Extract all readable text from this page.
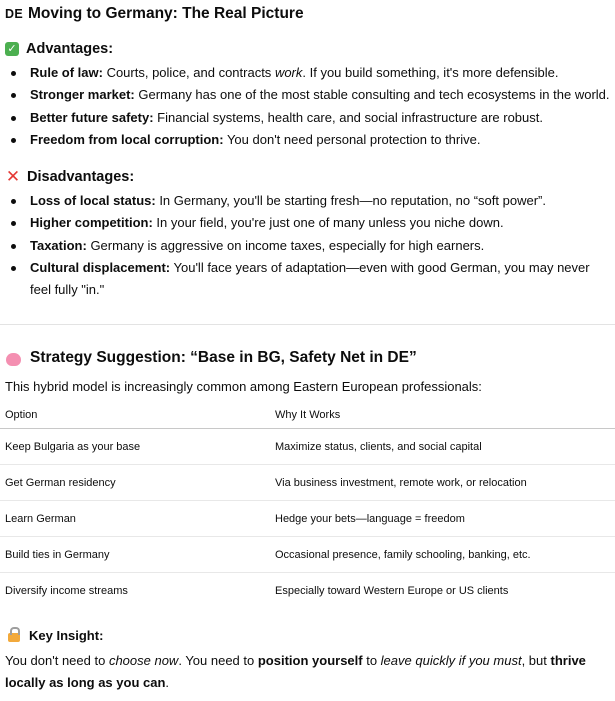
DE Moving to Germany: The Real Picture
✓ Advantages:
Rule of law: Courts, police, and contracts work. If you build something, it's more defensible.
Stronger market: Germany has one of the most stable consulting and tech ecosystems in the world.
Better future safety: Financial systems, health care, and social infrastructure are robust.
Freedom from local corruption: You don't need personal protection to thrive.
✕ Disadvantages:
Loss of local status: In Germany, you'll be starting fresh—no reputation, no “soft power”.
Higher competition: In your field, you're just one of many unless you niche down.
Taxation: Germany is aggressive on income taxes, especially for high earners.
Cultural displacement: You'll face years of adaptation—even with good German, you may never feel fully "in."
Strategy Suggestion: “Base in BG, Safety Net in DE”
This hybrid model is increasingly common among Eastern European professionals:
Option	Why It Works
Keep Bulgaria as your base	Maximize status, clients, and social capital
Get German residency	Via business investment, remote work, or relocation
Learn German	Hedge your bets—language = freedom
Build ties in Germany	Occasional presence, family schooling, banking, etc.
Diversify income streams	Especially toward Western Europe or US clients
Key Insight:
You don't need to choose now. You need to position yourself to leave quickly if you must, but thrive locally as long as you can.
